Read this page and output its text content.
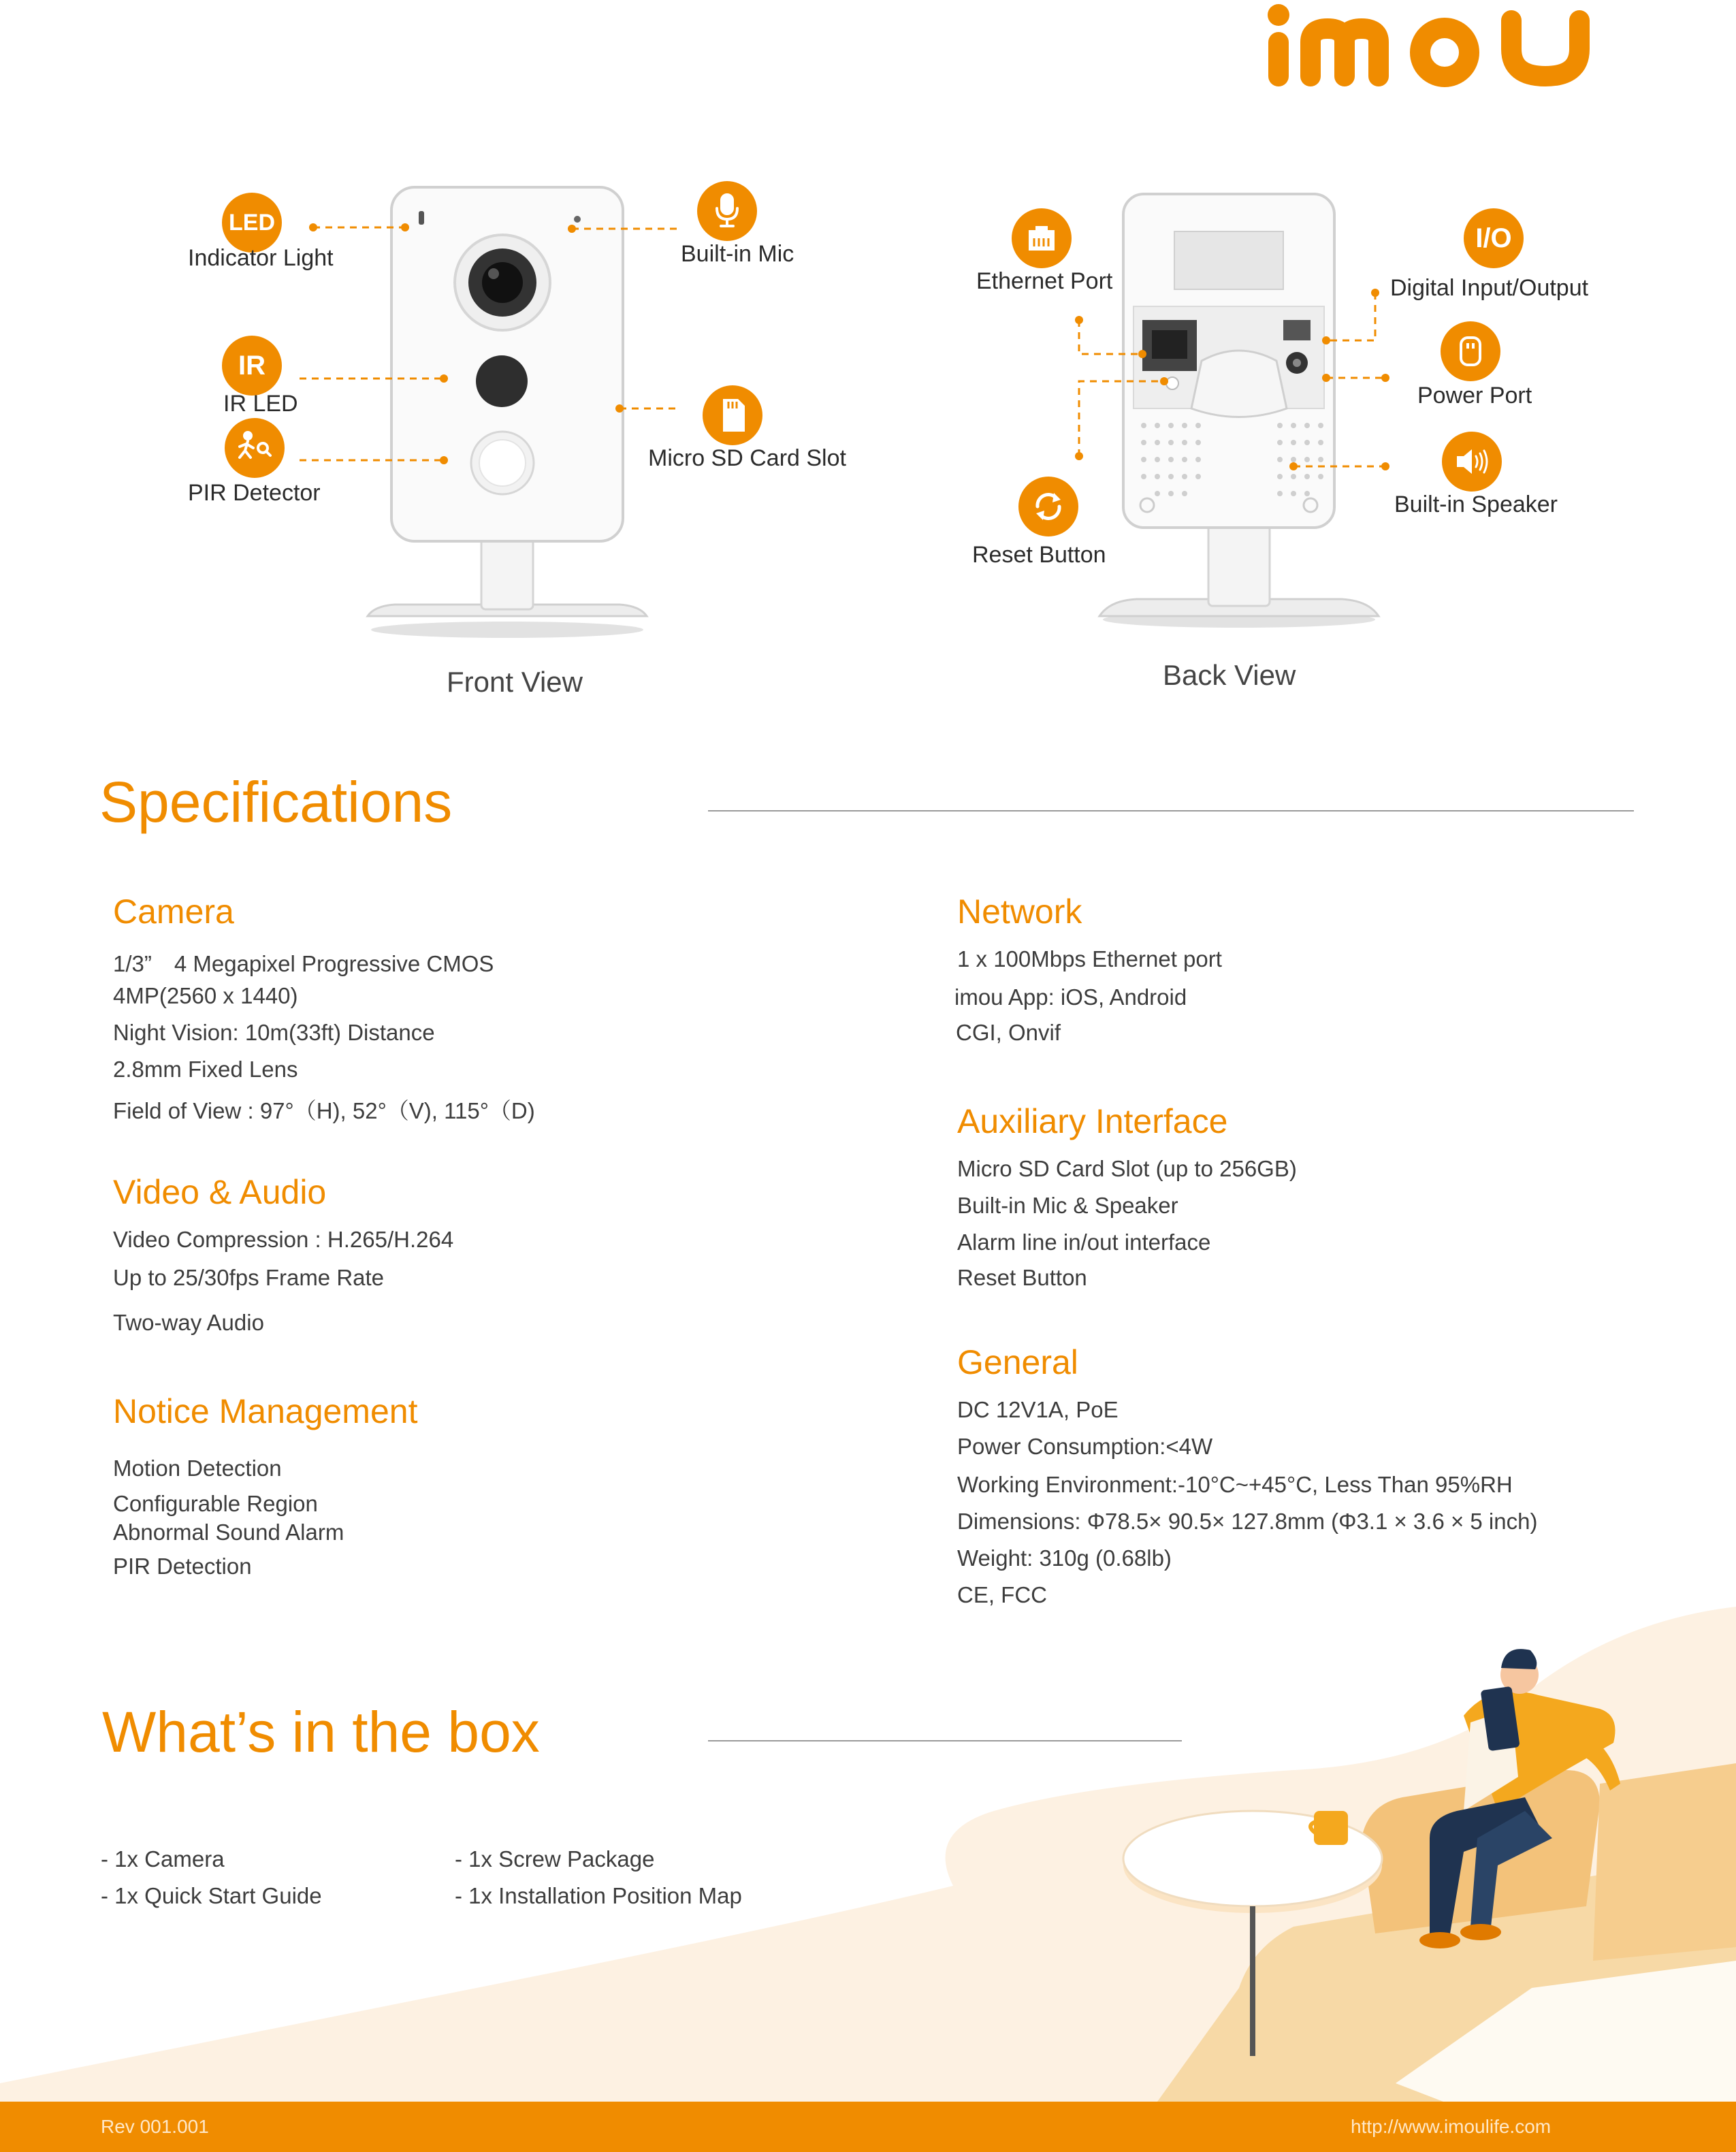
LED
Indicator Light
IR
IR LED
PIR Detector
Built-in Mic
Micro SD Card Slot
Front View
Ethernet Port
I/O
Digital Input/Output
Power Port
Built-in Speaker
Reset Button
Back View
Specifications
Camera
1/3”　4 Megapixel Progressive CMOS
4MP(2560 x 1440)
Night Vision: 10m(33ft) Distance
2.8mm Fixed Lens
Field of View : 97°（H), 52°（V), 115°（D)
Video & Audio
Video Compression : H.265/H.264
Up to 25/30fps Frame Rate
Two-way Audio
Notice Management
Motion Detection
Configurable Region
Abnormal Sound Alarm
PIR Detection
Network
1 x 100Mbps Ethernet port
imou App: iOS, Android
CGI, Onvif
Auxiliary Interface
Micro SD Card Slot (up to 256GB)
Built-in Mic & Speaker
Alarm line in/out interface
Reset Button
General
DC 12V1A, PoE
Power Consumption:<4W
Working Environment:-10°C~+45°C, Less Than 95%RH
Dimensions: Φ78.5× 90.5× 127.8mm (Φ3.1 × 3.6 × 5 inch)
Weight: 310g (0.68lb)
CE, FCC
What’s in the box
- 1x Camera
- 1x Quick Start Guide
- 1x Screw Package
- 1x Installation Position Map
Rev 001.001	http://www.imoulife.com
